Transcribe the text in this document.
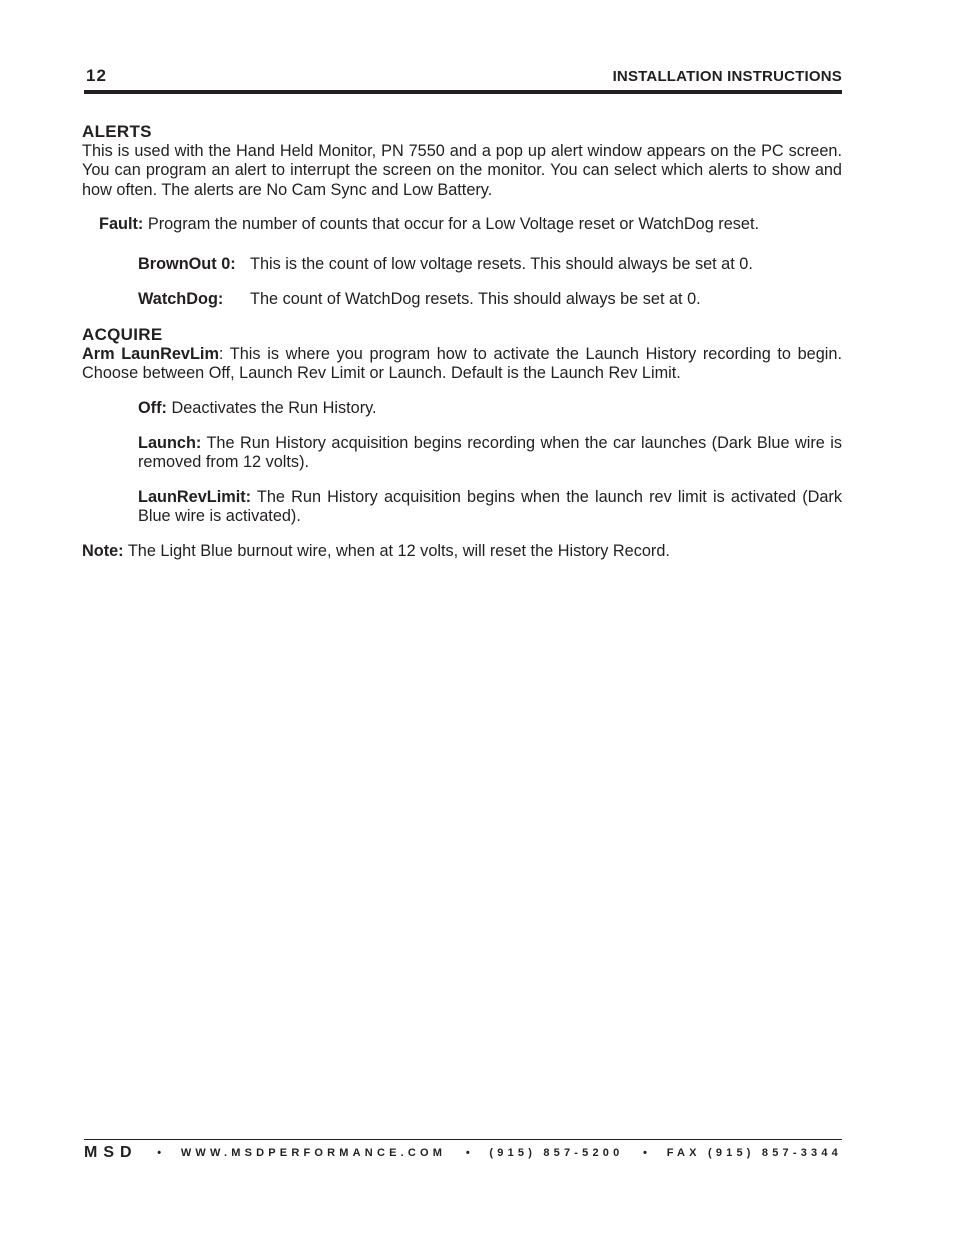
12	INSTALLATION INSTRUCTIONS
ALERTS

This is used with the Hand Held Monitor, PN 7550 and a pop up alert window appears on the PC screen. You can program an alert to interrupt the screen on the monitor. You can select which alerts to show and how often. The alerts are No Cam Sync and Low Battery.

Fault: Program the number of counts that occur for a Low Voltage reset or WatchDog reset.

BrownOut 0: This is the count of low voltage resets. This should always be set at 0.
WatchDog:	The count of WatchDog resets. This should always be set at 0.
ACQUIRE

Arm LaunRevLim: This is where you program how to activate the Launch History recording to begin. Choose between Off, Launch Rev Limit or Launch. Default is the Launch Rev Limit.

Off: Deactivates the Run History.

Launch: The Run History acquisition begins recording when the car launches (Dark Blue wire is removed from 12 volts).

LaunRevLimit: The Run History acquisition begins when the launch rev limit is activated (Dark Blue wire is activated).

Note: The Light Blue burnout wire, when at 12 volts, will reset the History Record.

MSD • WWW.MSDPERFORMANCE.COM • (915) 857-5200 • FAX (915) 857-3344
